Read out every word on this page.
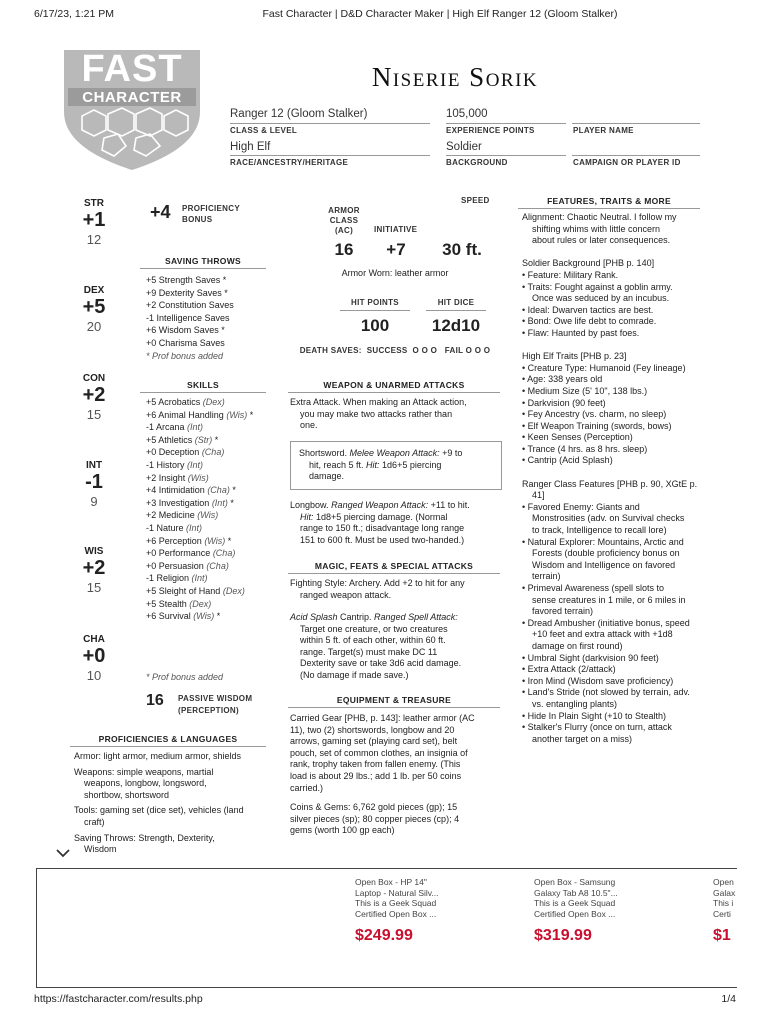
6/17/23, 1:21 PM	Fast Character | D&D Character Maker | High Elf Ranger 12 (Gloom Stalker)
FAST
CHARACTER
Niserie Sorik
Ranger 12 (Gloom Stalker)
CLASS & LEVEL
105,000
EXPERIENCE POINTS	PLAYER NAME
High Elf
RACE/ANCESTRY/HERITAGE
Soldier
BACKGROUND	CAMPAIGN OR PLAYER ID
STR
+1
12
DEX
+5
20
CON
+2
15
INT
-1
9
WIS
+2
15
CHA
+0
10
+4 PROFICIENCY
BONUS
SAVING THROWS
+5 Strength Saves *
+9 Dexterity Saves *
+2 Constitution Saves
-1 Intelligence Saves
+6 Wisdom Saves *
+0 Charisma Saves
* Prof bonus added
SKILLS
+5 Acrobatics (Dex)
+6 Animal Handling (Wis) *
-1 Arcana (Int)
+5 Athletics (Str) *
+0 Deception (Cha)
-1 History (Int)
+2 Insight (Wis)
+4 Intimidation (Cha) *
+3 Investigation (Int) *
+2 Medicine (Wis)
-1 Nature (Int)
+6 Perception (Wis) *
+0 Performance (Cha)
+0 Persuasion (Cha)
-1 Religion (Int)
+5 Sleight of Hand (Dex)
+5 Stealth (Dex)
+6 Survival (Wis) *
* Prof bonus added
16 PASSIVE WISDOM
(PERCEPTION)
PROFICIENCIES & LANGUAGES
Armor: light armor, medium armor, shields
Weapons: simple weapons, martial
weapons, longbow, longsword,
shortbow, shortsword
Tools: gaming set (dice set), vehicles (land
craft)
Saving Throws: Strength, Dexterity,
Wisdom
ARMOR
CLASS
(AC)	INITIATIVE
SPEED
16	+7	30 ft.
Armor Worn: leather armor
HIT POINTS	HIT DICE
100	12d10
DEATH SAVES:  SUCCESS  O O O   FAIL O O O
WEAPON & UNARMED ATTACKS
Extra Attack. When making an Attack action,
you may make two attacks rather than
one.
Shortsword. Melee Weapon Attack: +9 to
hit, reach 5 ft. Hit: 1d6+5 piercing
damage.
Longbow. Ranged Weapon Attack: +11 to hit.
Hit: 1d8+5 piercing damage. (Normal
range to 150 ft.; disadvantage long range
151 to 600 ft. Must be used two-handed.)
MAGIC, FEATS & SPECIAL ATTACKS
Fighting Style: Archery. Add +2 to hit for any
ranged weapon attack.
Acid Splash Cantrip. Ranged Spell Attack:
Target one creature, or two creatures
within 5 ft. of each other, within 60 ft.
range. Target(s) must make DC 11
Dexterity save or take 3d6 acid damage.
(No damage if made save.)
EQUIPMENT & TREASURE
Carried Gear [PHB, p. 143]: leather armor (AC
11), two (2) shortswords, longbow and 20
arrows, gaming set (playing card set), belt
pouch, set of common clothes, an insignia of
rank, trophy taken from fallen enemy. (This
load is about 29 lbs.; add 1 lb. per 50 coins
carried.)
Coins & Gems: 6,762 gold pieces (gp); 15
silver pieces (sp); 80 copper pieces (cp); 4
gems (worth 100 gp each)
FEATURES, TRAITS & MORE
Alignment: Chaotic Neutral. I follow my
shifting whims with little concern
about rules or later consequences.
Soldier Background [PHB p. 140]
• Feature: Military Rank.
• Traits: Fought against a goblin army.
Once was seduced by an incubus.
• Ideal: Dwarven tactics are best.
• Bond: Owe life debt to comrade.
• Flaw: Haunted by past foes.
High Elf Traits [PHB p. 23]
• Creature Type: Humanoid (Fey lineage)
• Age: 338 years old
• Medium Size (5' 10", 138 lbs.)
• Darkvision (90 feet)
• Fey Ancestry (vs. charm, no sleep)
• Elf Weapon Training (swords, bows)
• Keen Senses (Perception)
• Trance (4 hrs. as 8 hrs. sleep)
• Cantrip (Acid Splash)
Ranger Class Features [PHB p. 90, XGtE p.
41]
• Favored Enemy: Giants and
Monstrosities (adv. on Survival checks
to track, Intelligence to recall lore)
• Natural Explorer: Mountains, Arctic and
Forests (double proficiency bonus on
Wisdom and Intelligence on favored
terrain)
• Primeval Awareness (spell slots to
sense creatures in 1 mile, or 6 miles in
favored terrain)
• Dread Ambusher (initiative bonus, speed
+10 feet and extra attack with +1d8
damage on first round)
• Umbral Sight (darkvision 90 feet)
• Extra Attack (2/attack)
• Iron Mind (Wisdom save proficiency)
• Land's Stride (not slowed by terrain, adv.
vs. entangling plants)
• Hide In Plain Sight (+10 to Stealth)
• Stalker's Flurry (once on turn, attack
another target on a miss)
Open Box - HP 14"
Laptop - Natural Silv...
This is a Geek Squad
Certified Open Box ...
$249.99
Open Box - Samsung
Galaxy Tab A8 10.5"...
This is a Geek Squad
Certified Open Box ...
$319.99
Open
Galax
This i
Certi
$1
https://fastcharacter.com/results.php	1/4
